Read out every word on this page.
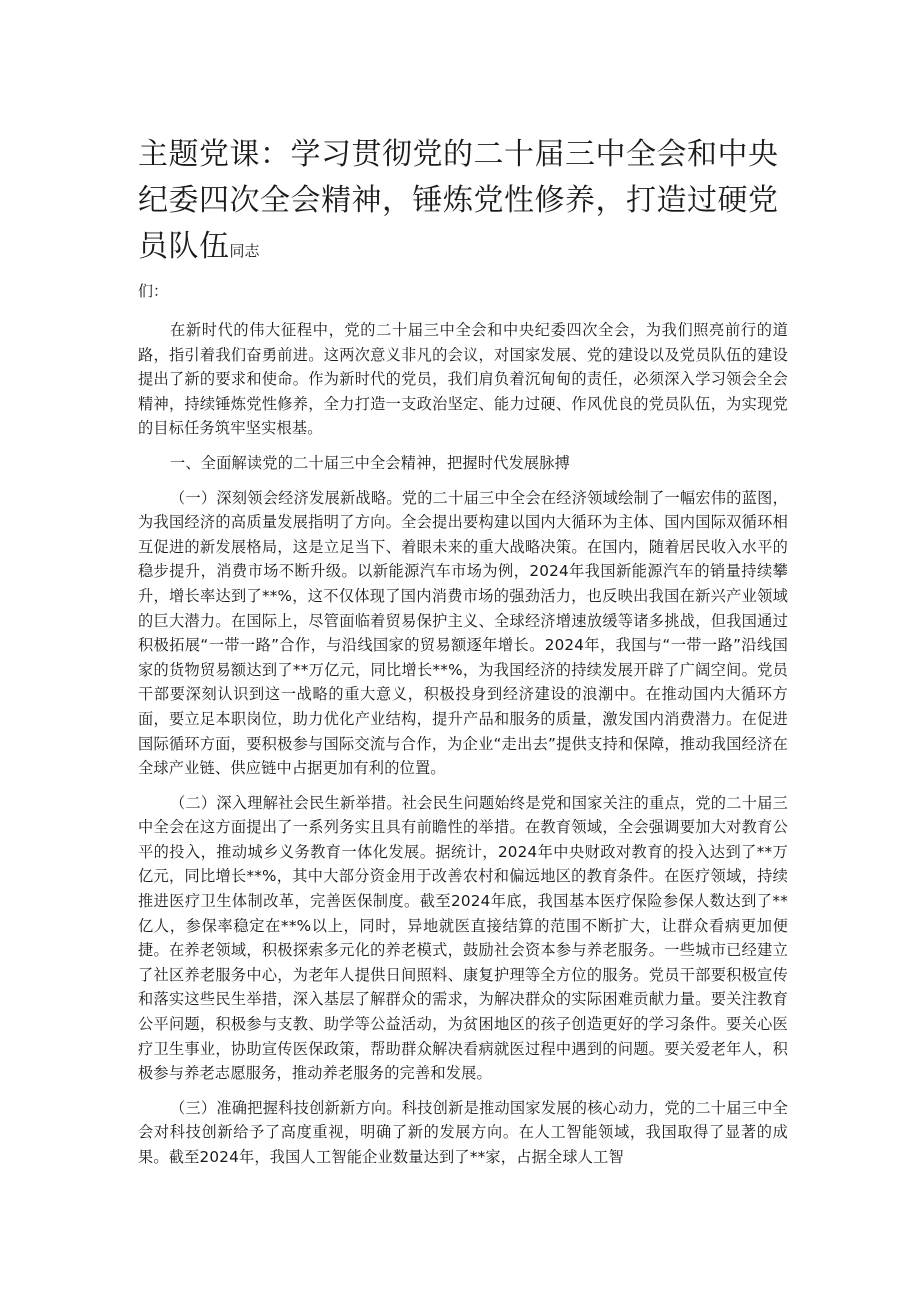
主题党课：学习贯彻党的二十届三中全会和中央纪委四次全会精神，锤炼党性修养，打造过硬党员队伍同志
们：

在新时代的伟大征程中，党的二十届三中全会和中央纪委四次全会，为我们照亮前行的道路，指引着我们奋勇前进。这两次意义非凡的会议，对国家发展、党的建设以及党员队伍的建设提出了新的要求和使命。作为新时代的党员，我们肩负着沉甸甸的责任，必须深入学习领会全会精神，持续锤炼党性修养，全力打造一支政治坚定、能力过硬、作风优良的党员队伍，为实现党的目标任务筑牢坚实根基。

一、全面解读党的二十届三中全会精神，把握时代发展脉搏

（一）深刻领会经济发展新战略。党的二十届三中全会在经济领域绘制了一幅宏伟的蓝图，为我国经济的高质量发展指明了方向。全会提出要构建以国内大循环为主体、国内国际双循环相互促进的新发展格局，这是立足当下、着眼未来的重大战略决策。在国内，随着居民收入水平的稳步提升，消费市场不断升级。以新能源汽车市场为例，2024年我国新能源汽车的销量持续攀升，增长率达到了**%，这不仅体现了国内消费市场的强劲活力，也反映出我国在新兴产业领域的巨大潜力。在国际上，尽管面临着贸易保护主义、全球经济增速放缓等诸多挑战，但我国通过积极拓展“一带一路”合作，与沿线国家的贸易额逐年增长。2024年，我国与“一带一路”沿线国家的货物贸易额达到了**万亿元，同比增长**%，为我国经济的持续发展开辟了广阔空间。党员干部要深刻认识到这一战略的重大意义，积极投身到经济建设的浪潮中。在推动国内大循环方面，要立足本职岗位，助力优化产业结构，提升产品和服务的质量，激发国内消费潜力。在促进国际循环方面，要积极参与国际交流与合作，为企业“走出去”提供支持和保障，推动我国经济在全球产业链、供应链中占据更加有利的位置。

（二）深入理解社会民生新举措。社会民生问题始终是党和国家关注的重点，党的二十届三中全会在这方面提出了一系列务实且具有前瞻性的举措。在教育领域，全会强调要加大对教育公平的投入，推动城乡义务教育一体化发展。据统计，2024年中央财政对教育的投入达到了**万亿元，同比增长**%，其中大部分资金用于改善农村和偏远地区的教育条件。在医疗领域，持续推进医疗卫生体制改革，完善医保制度。截至2024年底，我国基本医疗保险参保人数达到了**亿人，参保率稳定在**%以上，同时，异地就医直接结算的范围不断扩大，让群众看病更加便捷。在养老领域，积极探索多元化的养老模式，鼓励社会资本参与养老服务。一些城市已经建立了社区养老服务中心，为老年人提供日间照料、康复护理等全方位的服务。党员干部要积极宣传和落实这些民生举措，深入基层了解群众的需求，为解决群众的实际困难贡献力量。要关注教育公平问题，积极参与支教、助学等公益活动，为贫困地区的孩子创造更好的学习条件。要关心医疗卫生事业，协助宣传医保政策，帮助群众解决看病就医过程中遇到的问题。要关爱老年人，积极参与养老志愿服务，推动养老服务的完善和发展。

（三）准确把握科技创新新方向。科技创新是推动国家发展的核心动力，党的二十届三中全会对科技创新给予了高度重视，明确了新的发展方向。在人工智能领域，我国取得了显著的成果。截至2024年，我国人工智能企业数量达到了**家，占据全球人工智
